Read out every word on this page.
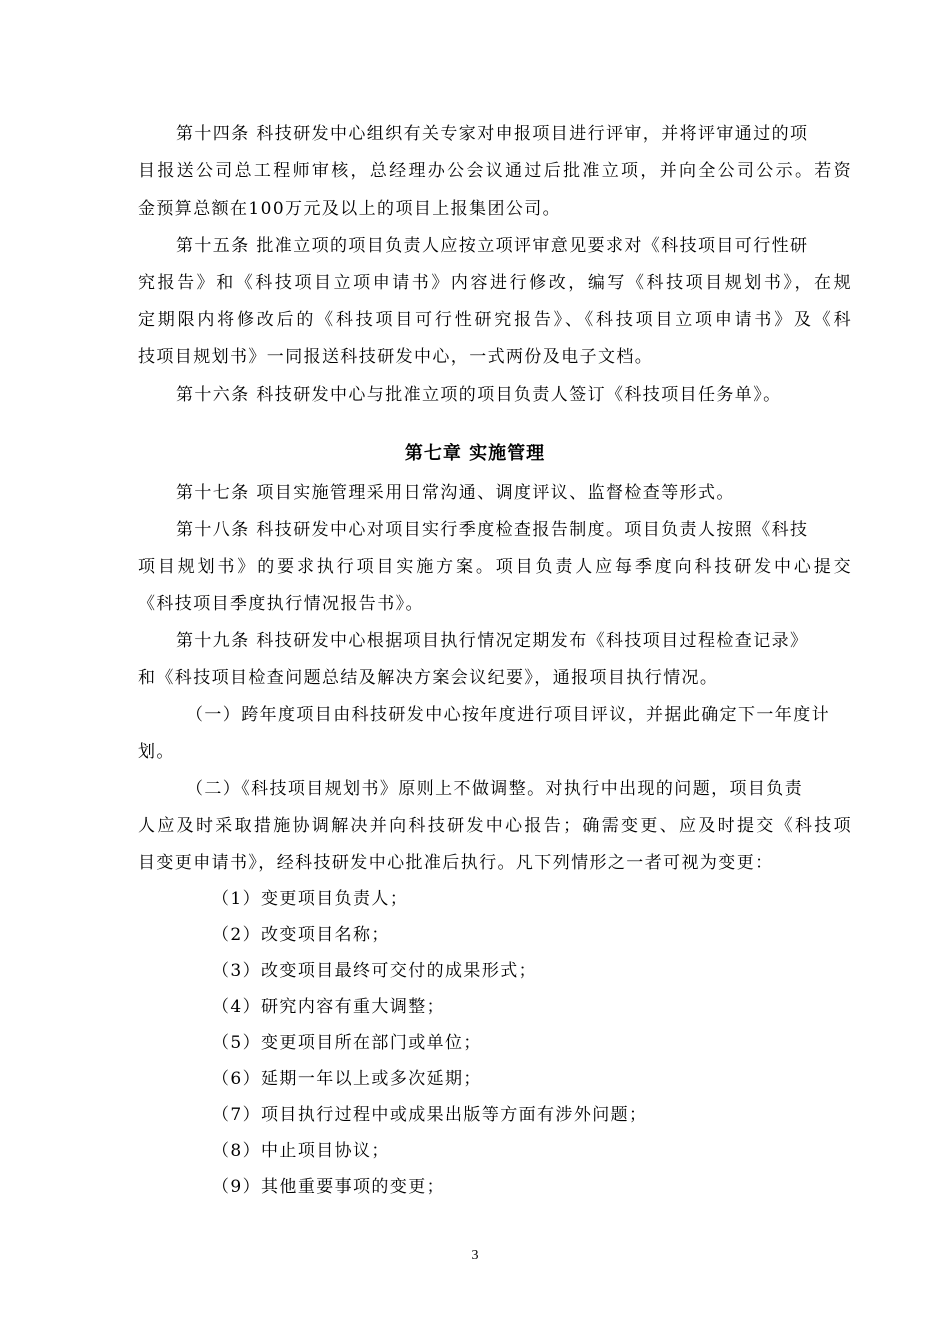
第十四条 科技研发中心组织有关专家对申报项目进行评审，并将评审通过的项
目报送公司总工程师审核，总经理办公会议通过后批准立项，并向全公司公示。若资
金预算总额在100万元及以上的项目上报集团公司。
第十五条 批准立项的项目负责人应按立项评审意见要求对《科技项目可行性研
究报告》和《科技项目立项申请书》内容进行修改，编写《科技项目规划书》，在规
定期限内将修改后的《科技项目可行性研究报告》、《科技项目立项申请书》及《科
技项目规划书》一同报送科技研发中心，一式两份及电子文档。
第十六条 科技研发中心与批准立项的项目负责人签订《科技项目任务单》。
第七章 实施管理
第十七条 项目实施管理采用日常沟通、调度评议、监督检查等形式。
第十八条 科技研发中心对项目实行季度检查报告制度。项目负责人按照《科技
项目规划书》的要求执行项目实施方案。项目负责人应每季度向科技研发中心提交
《科技项目季度执行情况报告书》。
第十九条 科技研发中心根据项目执行情况定期发布《科技项目过程检查记录》
和《科技项目检查问题总结及解决方案会议纪要》，通报项目执行情况。
（一）跨年度项目由科技研发中心按年度进行项目评议，并据此确定下一年度计
划。
（二）《科技项目规划书》原则上不做调整。对执行中出现的问题，项目负责
人应及时采取措施协调解决并向科技研发中心报告；确需变更、应及时提交《科技项
目变更申请书》，经科技研发中心批准后执行。凡下列情形之一者可视为变更：
（1）变更项目负责人；
（2）改变项目名称；
（3）改变项目最终可交付的成果形式；
（4）研究内容有重大调整；
（5）变更项目所在部门或单位；
（6）延期一年以上或多次延期；
（7）项目执行过程中或成果出版等方面有涉外问题；
（8）中止项目协议；
（9）其他重要事项的变更；
3
